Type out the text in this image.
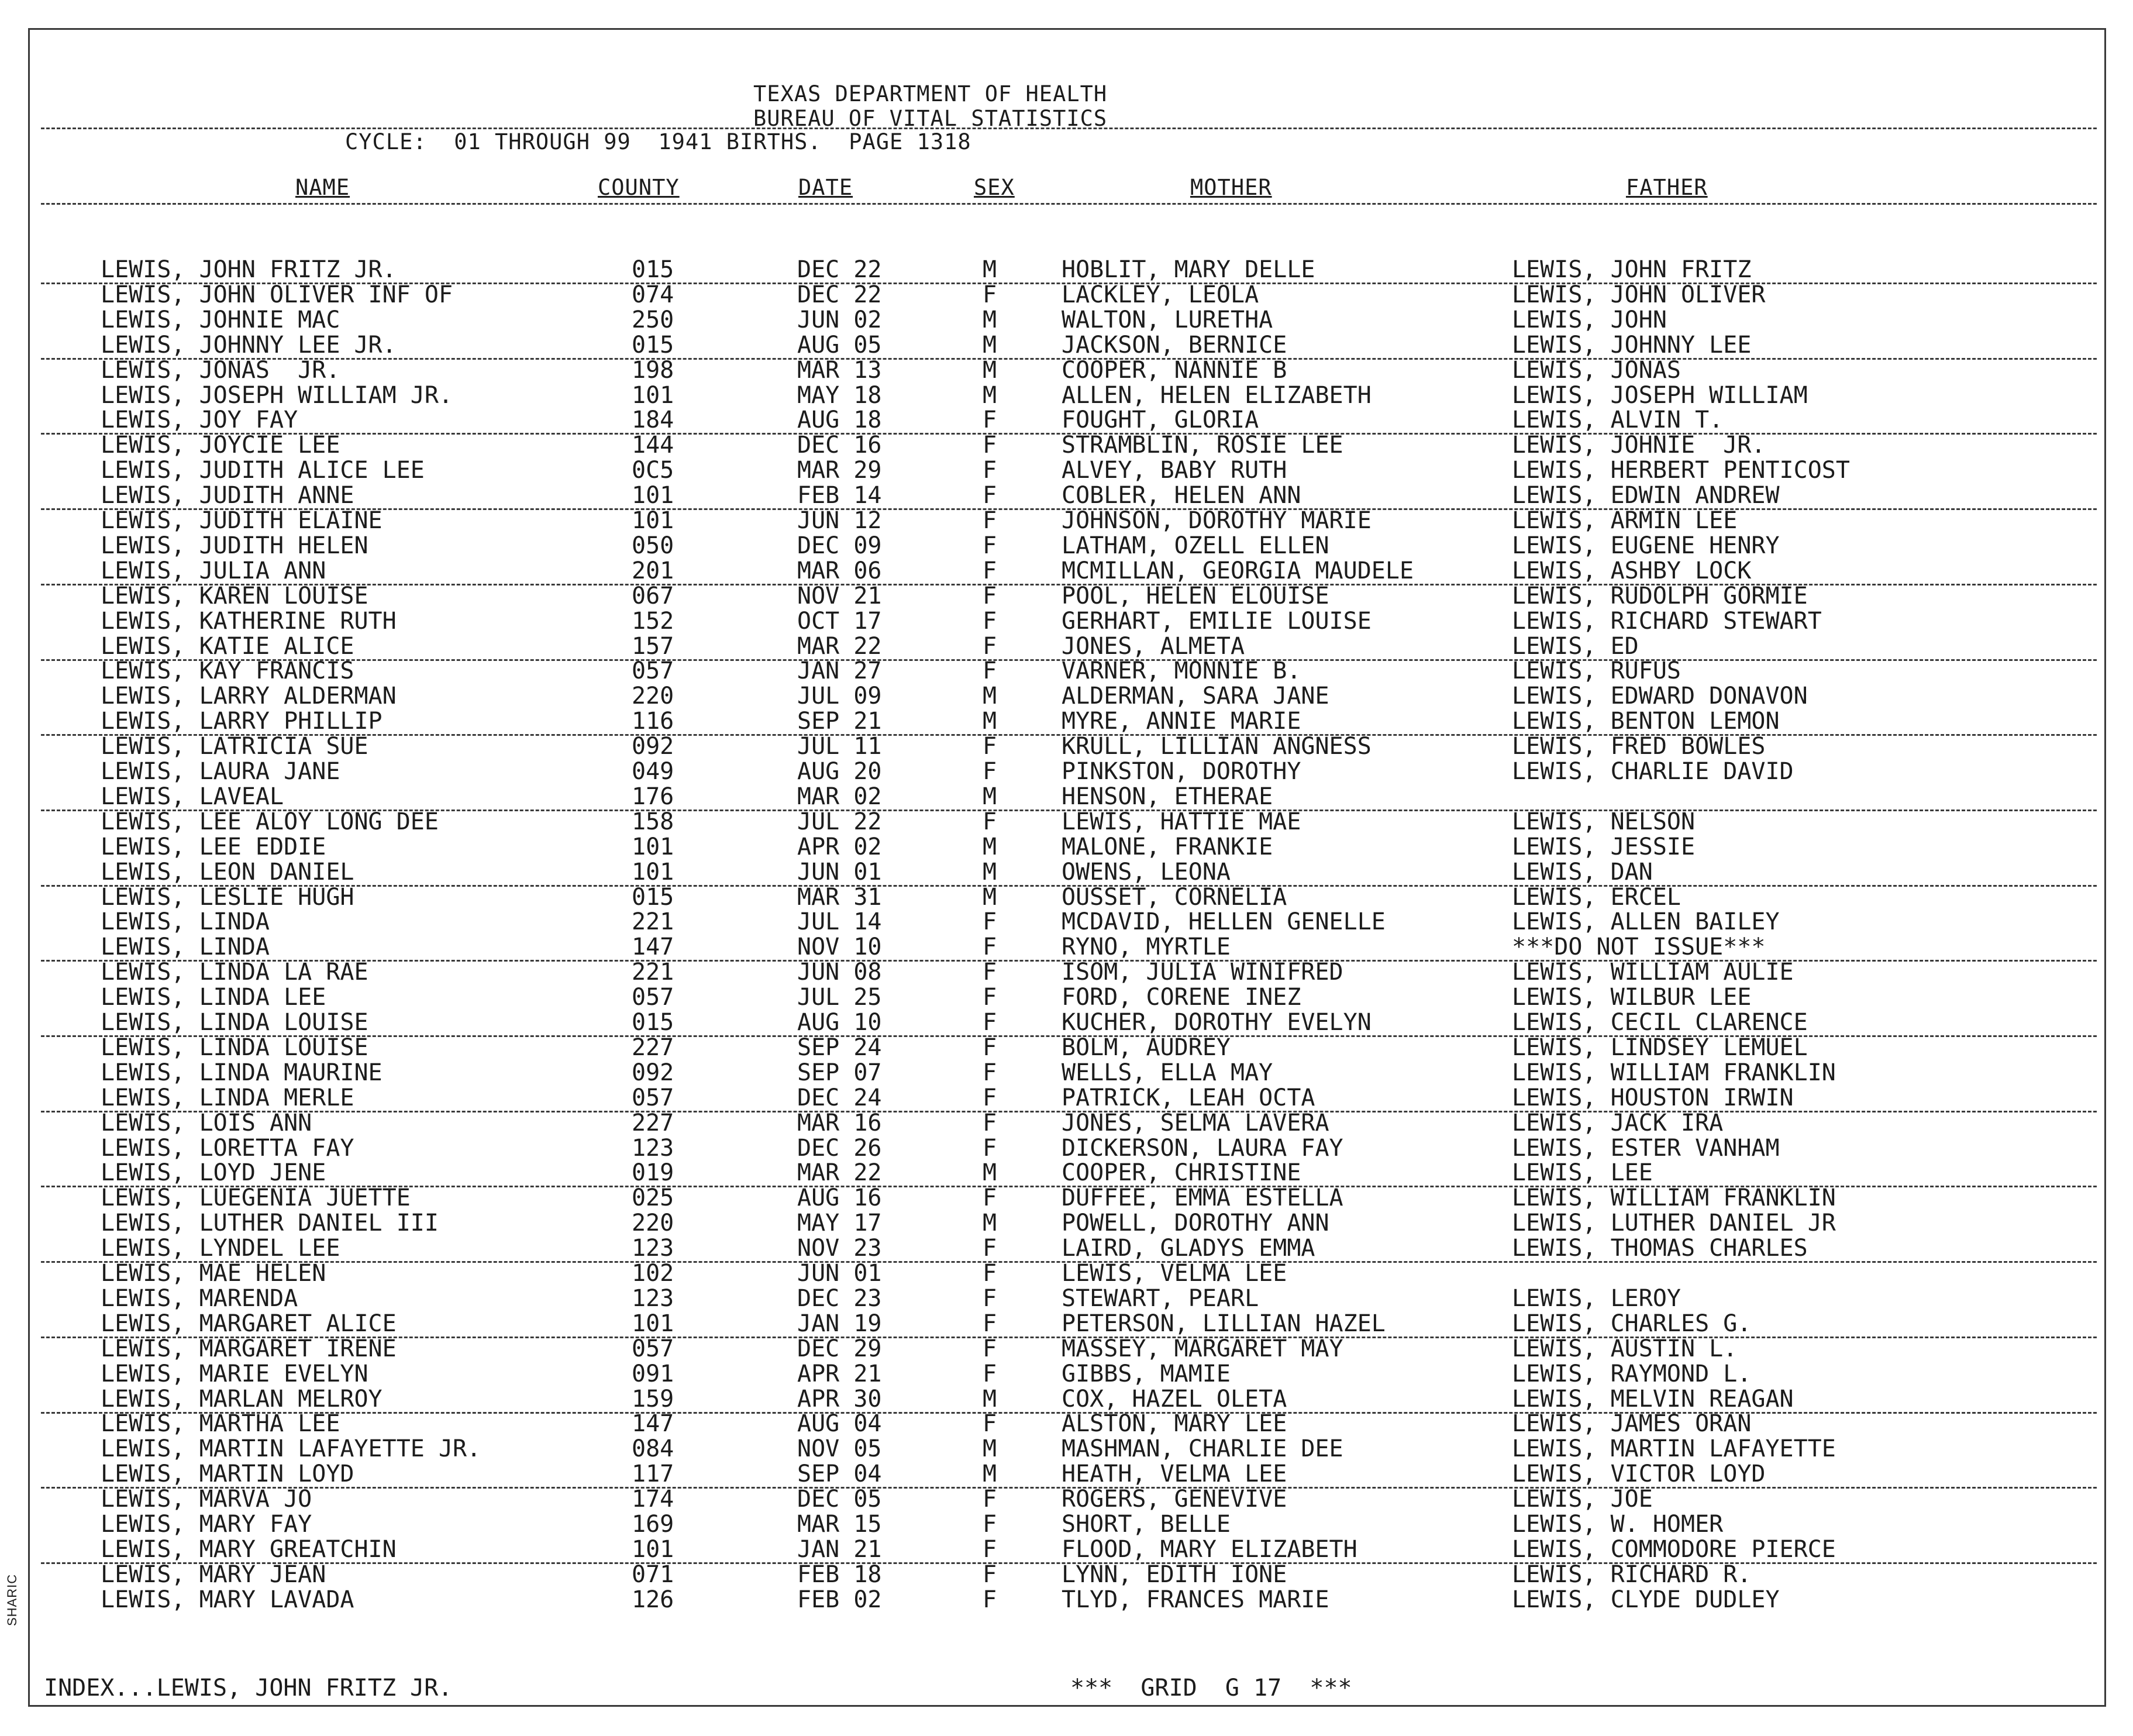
TEXAS DEPARTMENT OF HEALTH
BUREAU OF VITAL STATISTICS
CYCLE:  01 THROUGH 99  1941 BIRTHS.  PAGE 1318
NAME	COUNTY	DATE	SEX	MOTHER	FATHER
LEWIS, JOHN FRITZ JR.	015	DEC 22	M	HOBLIT, MARY DELLE	LEWIS, JOHN FRITZ
LEWIS, JOHN OLIVER INF OF	074	DEC 22	F	LACKLEY, LEOLA	LEWIS, JOHN OLIVER
LEWIS, JOHNIE MAC	250	JUN 02	M	WALTON, LURETHA	LEWIS, JOHN
LEWIS, JOHNNY LEE JR.	015	AUG 05	M	JACKSON, BERNICE	LEWIS, JOHNNY LEE
LEWIS, JONAS  JR.	198	MAR 13	M	COOPER, NANNIE B	LEWIS, JONAS
LEWIS, JOSEPH WILLIAM JR.	101	MAY 18	M	ALLEN, HELEN ELIZABETH	LEWIS, JOSEPH WILLIAM
LEWIS, JOY FAY	184	AUG 18	F	FOUGHT, GLORIA	LEWIS, ALVIN T.
LEWIS, JOYCIE LEE	144	DEC 16	F	STRAMBLIN, ROSIE LEE	LEWIS, JOHNIE  JR.
LEWIS, JUDITH ALICE LEE	0C5	MAR 29	F	ALVEY, BABY RUTH	LEWIS, HERBERT PENTICOST
LEWIS, JUDITH ANNE	101	FEB 14	F	COBLER, HELEN ANN	LEWIS, EDWIN ANDREW
LEWIS, JUDITH ELAINE	101	JUN 12	F	JOHNSON, DOROTHY MARIE	LEWIS, ARMIN LEE
LEWIS, JUDITH HELEN	050	DEC 09	F	LATHAM, OZELL ELLEN	LEWIS, EUGENE HENRY
LEWIS, JULIA ANN	201	MAR 06	F	MCMILLAN, GEORGIA MAUDELE	LEWIS, ASHBY LOCK
LEWIS, KAREN LOUISE	067	NOV 21	F	POOL, HELEN ELOUISE	LEWIS, RUDOLPH GORMIE
LEWIS, KATHERINE RUTH	152	OCT 17	F	GERHART, EMILIE LOUISE	LEWIS, RICHARD STEWART
LEWIS, KATIE ALICE	157	MAR 22	F	JONES, ALMETA	LEWIS, ED
LEWIS, KAY FRANCIS	057	JAN 27	F	VARNER, MONNIE B.	LEWIS, RUFUS
LEWIS, LARRY ALDERMAN	220	JUL 09	M	ALDERMAN, SARA JANE	LEWIS, EDWARD DONAVON
LEWIS, LARRY PHILLIP	116	SEP 21	M	MYRE, ANNIE MARIE	LEWIS, BENTON LEMON
LEWIS, LATRICIA SUE	092	JUL 11	F	KRULL, LILLIAN ANGNESS	LEWIS, FRED BOWLES
LEWIS, LAURA JANE	049	AUG 20	F	PINKSTON, DOROTHY	LEWIS, CHARLIE DAVID
LEWIS, LAVEAL	176	MAR 02	M	HENSON, ETHERAE
LEWIS, LEE ALOY LONG DEE	158	JUL 22	F	LEWIS, HATTIE MAE	LEWIS, NELSON
LEWIS, LEE EDDIE	101	APR 02	M	MALONE, FRANKIE	LEWIS, JESSIE
LEWIS, LEON DANIEL	101	JUN 01	M	OWENS, LEONA	LEWIS, DAN
LEWIS, LESLIE HUGH	015	MAR 31	M	OUSSET, CORNELIA	LEWIS, ERCEL
LEWIS, LINDA	221	JUL 14	F	MCDAVID, HELLEN GENELLE	LEWIS, ALLEN BAILEY
LEWIS, LINDA	147	NOV 10	F	RYNO, MYRTLE	***DO NOT ISSUE***
LEWIS, LINDA LA RAE	221	JUN 08	F	ISOM, JULIA WINIFRED	LEWIS, WILLIAM AULIE
LEWIS, LINDA LEE	057	JUL 25	F	FORD, CORENE INEZ	LEWIS, WILBUR LEE
LEWIS, LINDA LOUISE	015	AUG 10	F	KUCHER, DOROTHY EVELYN	LEWIS, CECIL CLARENCE
LEWIS, LINDA LOUISE	227	SEP 24	F	BOLM, AUDREY	LEWIS, LINDSEY LEMUEL
LEWIS, LINDA MAURINE	092	SEP 07	F	WELLS, ELLA MAY	LEWIS, WILLIAM FRANKLIN
LEWIS, LINDA MERLE	057	DEC 24	F	PATRICK, LEAH OCTA	LEWIS, HOUSTON IRWIN
LEWIS, LOIS ANN	227	MAR 16	F	JONES, SELMA LAVERA	LEWIS, JACK IRA
LEWIS, LORETTA FAY	123	DEC 26	F	DICKERSON, LAURA FAY	LEWIS, ESTER VANHAM
LEWIS, LOYD JENE	019	MAR 22	M	COOPER, CHRISTINE	LEWIS, LEE
LEWIS, LUEGENIA JUETTE	025	AUG 16	F	DUFFEE, EMMA ESTELLA	LEWIS, WILLIAM FRANKLIN
LEWIS, LUTHER DANIEL III	220	MAY 17	M	POWELL, DOROTHY ANN	LEWIS, LUTHER DANIEL JR
LEWIS, LYNDEL LEE	123	NOV 23	F	LAIRD, GLADYS EMMA	LEWIS, THOMAS CHARLES
LEWIS, MAE HELEN	102	JUN 01	F	LEWIS, VELMA LEE
LEWIS, MARENDA	123	DEC 23	F	STEWART, PEARL	LEWIS, LEROY
LEWIS, MARGARET ALICE	101	JAN 19	F	PETERSON, LILLIAN HAZEL	LEWIS, CHARLES G.
LEWIS, MARGARET IRENE	057	DEC 29	F	MASSEY, MARGARET MAY	LEWIS, AUSTIN L.
LEWIS, MARIE EVELYN	091	APR 21	F	GIBBS, MAMIE	LEWIS, RAYMOND L.
LEWIS, MARLAN MELROY	159	APR 30	M	COX, HAZEL OLETA	LEWIS, MELVIN REAGAN
LEWIS, MARTHA LEE	147	AUG 04	F	ALSTON, MARY LEE	LEWIS, JAMES ORAN
LEWIS, MARTIN LAFAYETTE JR.	084	NOV 05	M	MASHMAN, CHARLIE DEE	LEWIS, MARTIN LAFAYETTE
LEWIS, MARTIN LOYD	117	SEP 04	M	HEATH, VELMA LEE	LEWIS, VICTOR LOYD
LEWIS, MARVA JO	174	DEC 05	F	ROGERS, GENEVIVE	LEWIS, JOE
LEWIS, MARY FAY	169	MAR 15	F	SHORT, BELLE	LEWIS, W. HOMER
LEWIS, MARY GREATCHIN	101	JAN 21	F	FLOOD, MARY ELIZABETH	LEWIS, COMMODORE PIERCE
LEWIS, MARY JEAN	071	FEB 18	F	LYNN, EDITH IONE	LEWIS, RICHARD R.
LEWIS, MARY LAVADA	126	FEB 02	F	TLYD, FRANCES MARIE	LEWIS, CLYDE DUDLEY
SHARIC
INDEX...LEWIS, JOHN FRITZ JR.	***  GRID  G 17  ***
